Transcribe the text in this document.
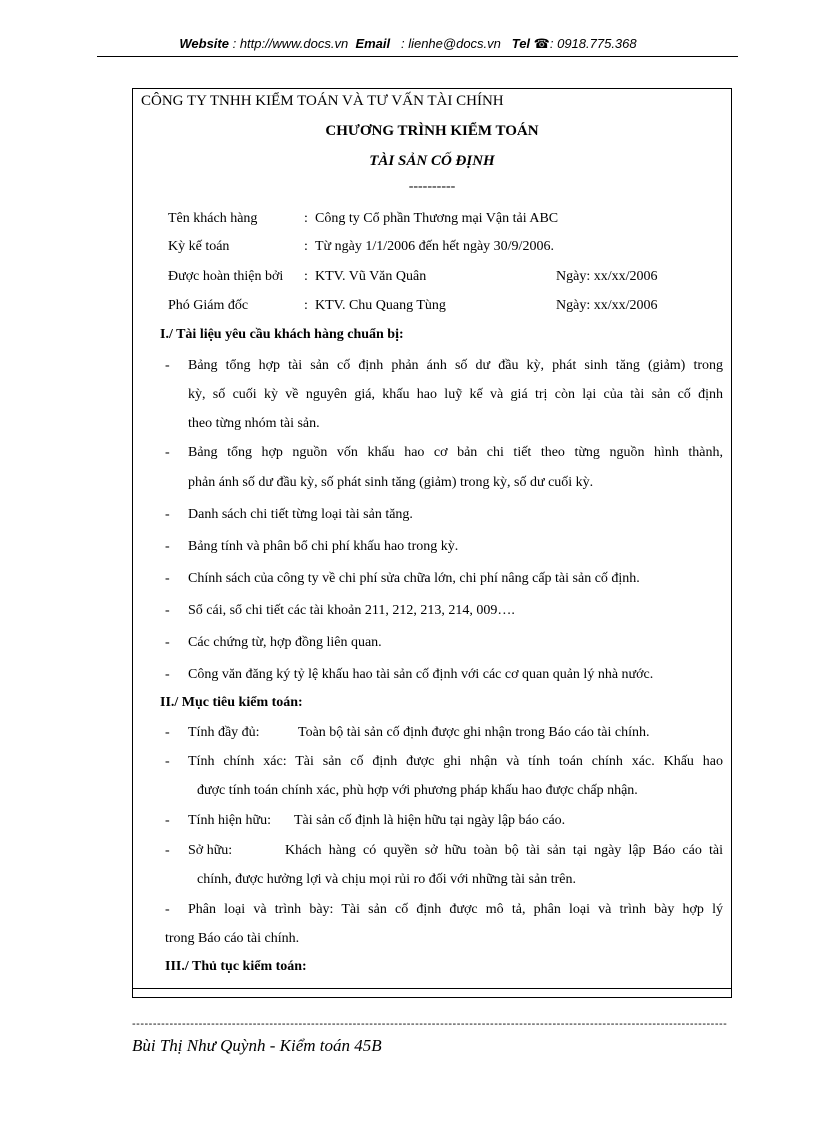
Website : http://www.docs.vn Email : lienhe@docs.vn Tel ☎: 0918.775.368
CÔNG TY TNHH KIỂM TOÁN VÀ TƯ VẤN TÀI CHÍNH
CHƯƠNG TRÌNH KIỂM TOÁN
TÀI SẢN CỐ ĐỊNH
----------
Tên khách hàng	: Công ty Cổ phần Thương mại Vận tải ABC
Kỳ kế toán	: Từ ngày 1/1/2006 đến hết ngày 30/9/2006.
Được hoàn thiện bởi : KTV. Vũ Văn Quân	Ngày: xx/xx/2006
Phó Giám đốc	: KTV. Chu Quang Tùng	Ngày: xx/xx/2006
I./ Tài liệu yêu cầu khách hàng chuẩn bị:
- Bảng tổng hợp tài sản cố định phản ánh số dư đầu kỳ, phát sinh tăng (giảm) trong
kỳ, số cuối kỳ về nguyên giá, khấu hao luỹ kế và giá trị còn lại của tài sản cố định
theo từng nhóm tài sản.
- Bảng tổng hợp nguồn vốn khấu hao cơ bản chi tiết theo từng nguồn hình thành,
phản ánh số dư đầu kỳ, số phát sinh tăng (giảm) trong kỳ, số dư cuối kỳ.
- Danh sách chi tiết từng loại tài sản tăng.
- Bảng tính và phân bổ chi phí khấu hao trong kỳ.
- Chính sách của công ty về chi phí sửa chữa lớn, chi phí nâng cấp tài sản cố định.
- Sổ cái, sổ chi tiết các tài khoản 211, 212, 213, 214, 009….
- Các chứng từ, hợp đồng liên quan.
- Công văn đăng ký tỷ lệ khấu hao tài sản cố định với các cơ quan quản lý nhà nước.
II./ Mục tiêu kiểm toán:
- Tính đầy đủ:	Toàn bộ tài sản cố định được ghi nhận trong Báo cáo tài chính.
- Tính chính xác: Tài sản cố định được ghi nhận và tính toán chính xác. Khấu hao
được tính toán chính xác, phù hợp với phương pháp khấu hao được chấp nhận.
- Tính hiện hữu: Tài sản cố định là hiện hữu tại ngày lập báo cáo.
- Sở hữu:	Khách hàng có quyền sở hữu toàn bộ tài sản tại ngày lập Báo cáo tài
chính, được hưởng lợi và chịu mọi rủi ro đối với những tài sản trên.
- Phân loại và trình bày: Tài sản cố định được mô tả, phân loại và trình bày hợp lý
trong Báo cáo tài chính.
III./ Thủ tục kiểm toán:
-----------------------------------------------------------------------------------------------------------------------------------------------
Bùi Thị Như Quỳnh - Kiểm toán 45B
